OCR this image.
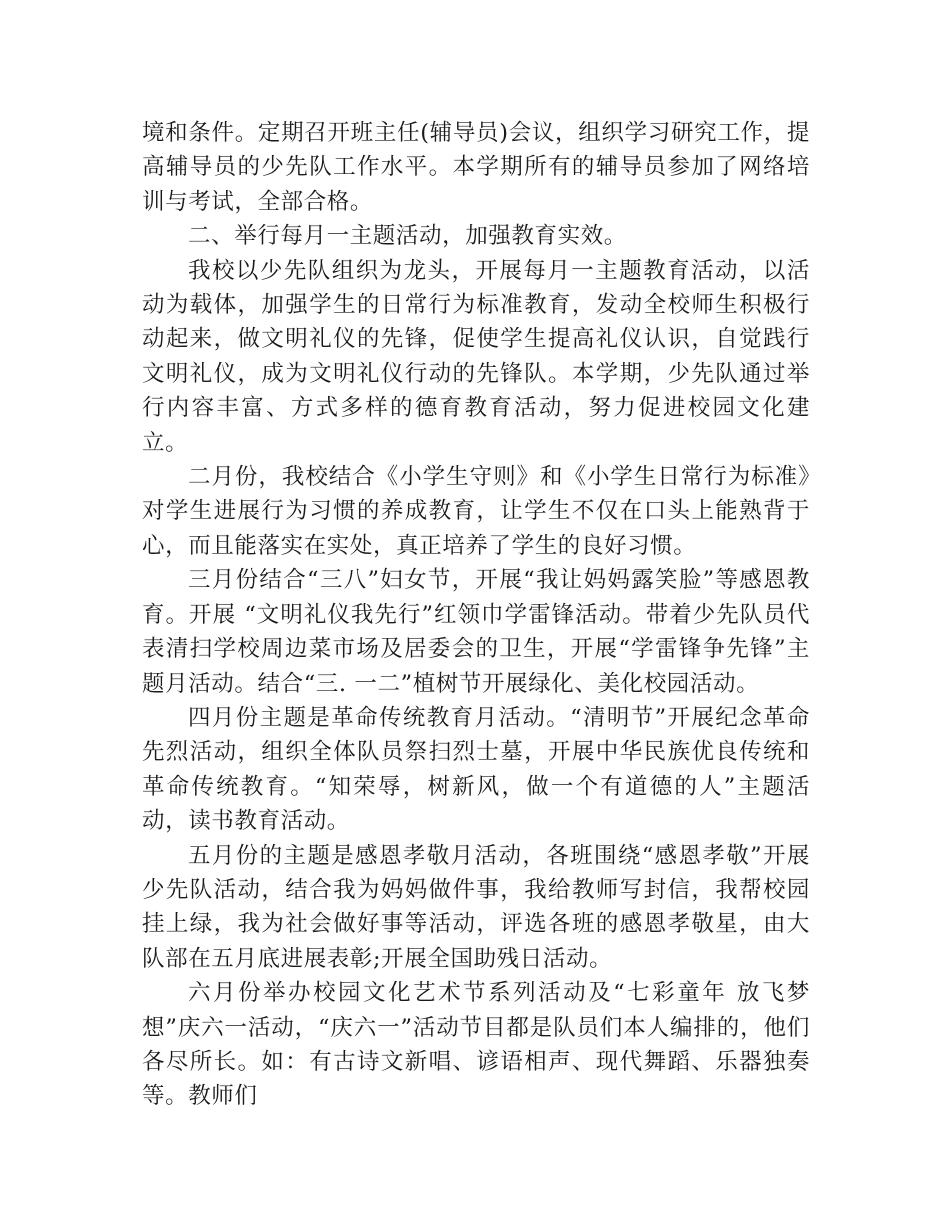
境和条件。定期召开班主任(辅导员)会议，组织学习研究工作，提高辅导员的少先队工作水平。本学期所有的辅导员参加了网络培训与考试，全部合格。

二、举行每月一主题活动，加强教育实效。

我校以少先队组织为龙头，开展每月一主题教育活动，以活动为载体，加强学生的日常行为标准教育，发动全校师生积极行动起来，做文明礼仪的先锋，促使学生提高礼仪认识，自觉践行文明礼仪，成为文明礼仪行动的先锋队。本学期，少先队通过举行内容丰富、方式多样的德育教育活动，努力促进校园文化建立。

二月份，我校结合《小学生守则》和《小学生日常行为标准》对学生进展行为习惯的养成教育，让学生不仅在口头上能熟背于心，而且能落实在实处，真正培养了学生的良好习惯。

三月份结合“三八”妇女节，开展“我让妈妈露笑脸”等感恩教育。开展 “文明礼仪我先行”红领巾学雷锋活动。带着少先队员代表清扫学校周边菜市场及居委会的卫生，开展“学雷锋争先锋”主题月活动。结合“三. 一二”植树节开展绿化、美化校园活动。

四月份主题是革命传统教育月活动。“清明节”开展纪念革命先烈活动，组织全体队员祭扫烈士墓，开展中华民族优良传统和革命传统教育。“知荣辱，树新风，做一个有道德的人”主题活动，读书教育活动。

五月份的主题是感恩孝敬月活动，各班围绕“感恩孝敬”开展少先队活动，结合我为妈妈做件事，我给教师写封信，我帮校园挂上绿，我为社会做好事等活动，评选各班的感恩孝敬星，由大队部在五月底进展表彰;开展全国助残日活动。

六月份举办校园文化艺术节系列活动及“七彩童年 放飞梦想”庆六一活动，“庆六一”活动节目都是队员们本人编排的，他们各尽所长。如：有古诗文新唱、谚语相声、现代舞蹈、乐器独奏等。教师们
